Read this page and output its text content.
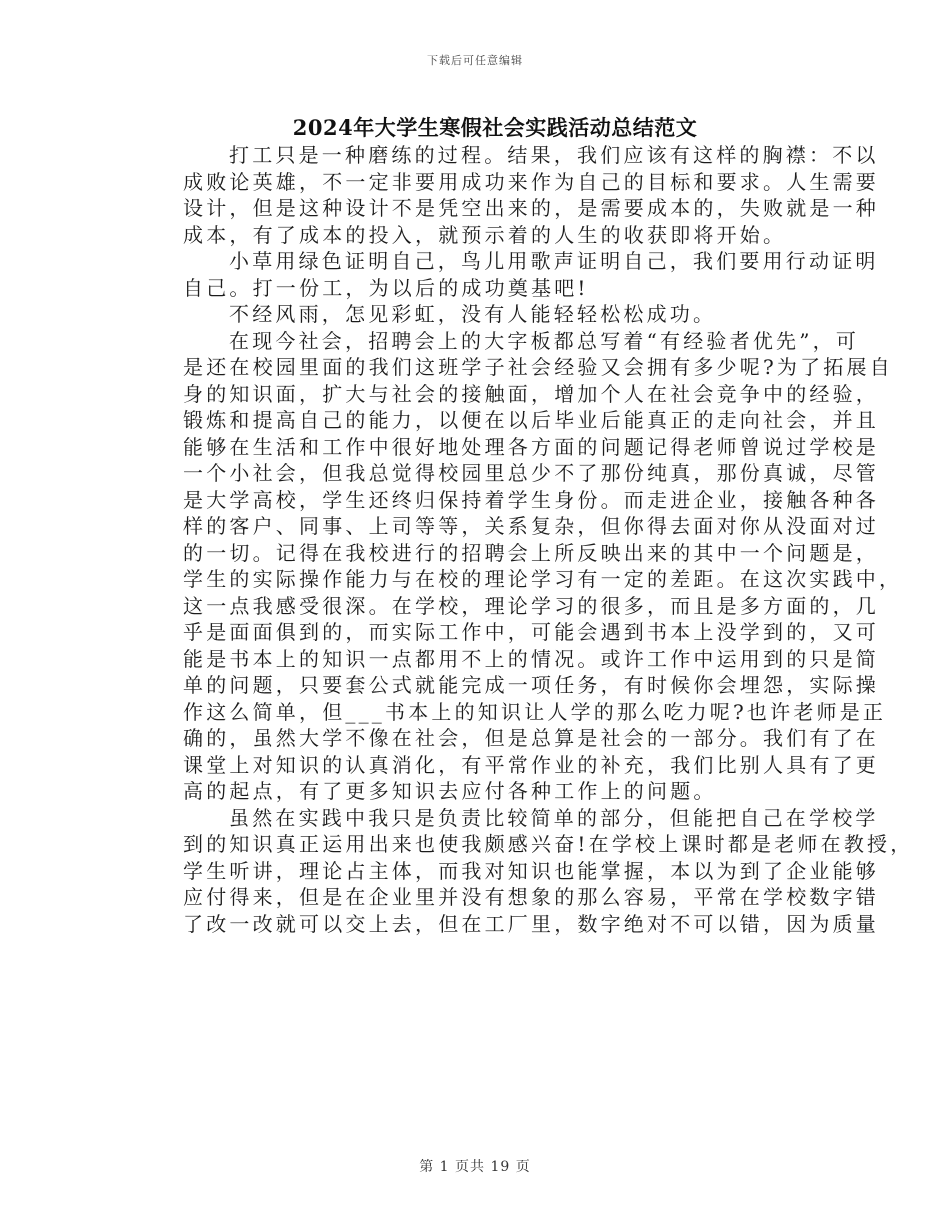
下载后可任意编辑
2024年大学生寒假社会实践活动总结范文
打工只是一种磨练的过程。结果，我们应该有这样的胸襟：不以
成败论英雄，不一定非要用成功来作为自己的目标和要求。人生需要
设计，但是这种设计不是凭空出来的，是需要成本的，失败就是一种
成本，有了成本的投入，就预示着的人生的收获即将开始。
小草用绿色证明自己，鸟儿用歌声证明自己，我们要用行动证明
自己。打一份工，为以后的成功奠基吧!
不经风雨，怎见彩虹，没有人能轻轻松松成功。
在现今社会，招聘会上的大字板都总写着“有经验者优先”，可
是还在校园里面的我们这班学子社会经验又会拥有多少呢?为了拓展自
身的知识面，扩大与社会的接触面，增加个人在社会竞争中的经验，
锻炼和提高自己的能力，以便在以后毕业后能真正的走向社会，并且
能够在生活和工作中很好地处理各方面的问题记得老师曾说过学校是
一个小社会，但我总觉得校园里总少不了那份纯真，那份真诚，尽管
是大学高校，学生还终归保持着学生身份。而走进企业，接触各种各
样的客户、同事、上司等等，关系复杂，但你得去面对你从没面对过
的一切。记得在我校进行的招聘会上所反映出来的其中一个问题是，
学生的实际操作能力与在校的理论学习有一定的差距。在这次实践中，
这一点我感受很深。在学校，理论学习的很多，而且是多方面的，几
乎是面面俱到的，而实际工作中，可能会遇到书本上没学到的，又可
能是书本上的知识一点都用不上的情况。或许工作中运用到的只是简
单的问题，只要套公式就能完成一项任务，有时候你会埋怨，实际操
作这么简单，但___书本上的知识让人学的那么吃力呢?也许老师是正
确的，虽然大学不像在社会，但是总算是社会的一部分。我们有了在
课堂上对知识的认真消化，有平常作业的补充，我们比别人具有了更
高的起点，有了更多知识去应付各种工作上的问题。
虽然在实践中我只是负责比较简单的部分，但能把自己在学校学
到的知识真正运用出来也使我颇感兴奋!在学校上课时都是老师在教授，
学生听讲，理论占主体，而我对知识也能掌握，本以为到了企业能够
应付得来，但是在企业里并没有想象的那么容易，平常在学校数字错
了改一改就可以交上去，但在工厂里，数字绝对不可以错，因为质量
第 1 页共 19 页
